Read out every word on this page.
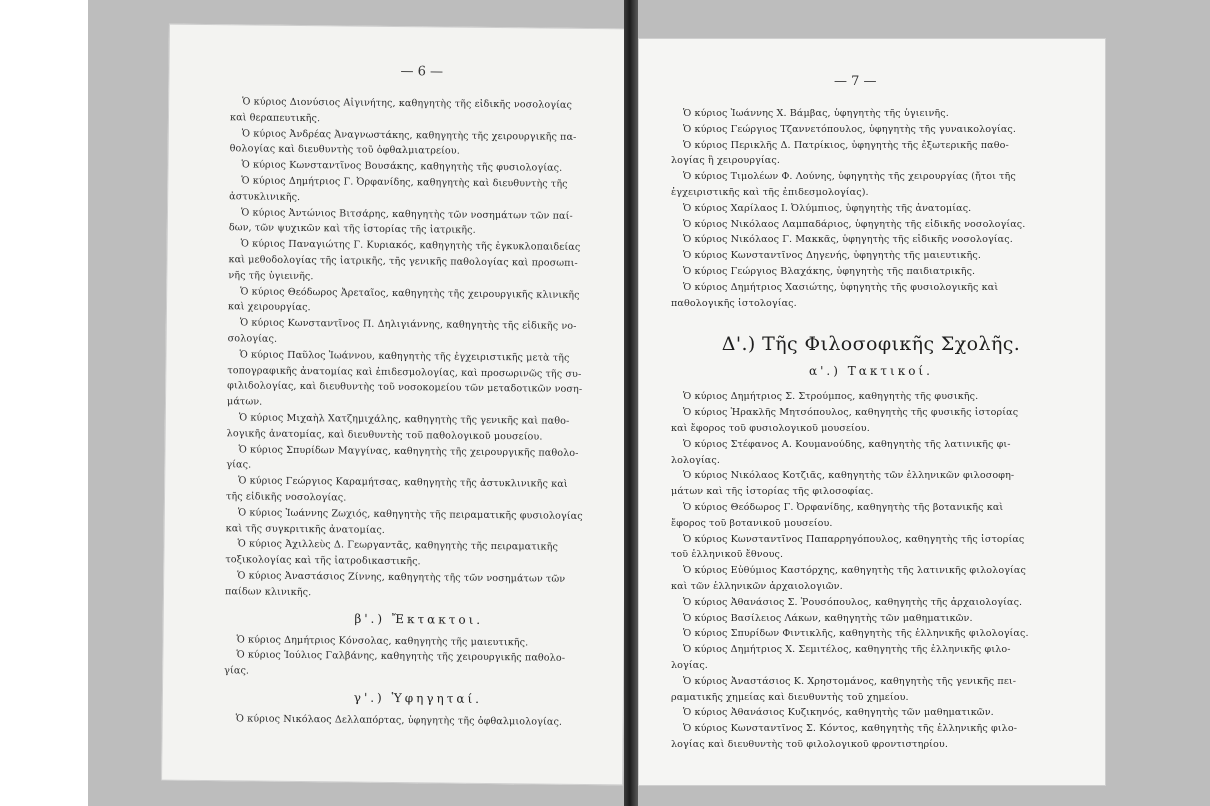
— 6 —
Ὁ κύριος Διονύσιος Αἰγινήτης, καθηγητὴς τῆς εἰδικῆς νοσολογίας
καὶ θεραπευτικῆς.
Ὁ κύριος Ἀνδρέας Ἀναγνωστάκης, καθηγητὴς τῆς χειρουργικῆς πα-
θολογίας καὶ διευθυντὴς τοῦ ὀφθαλμιατρείου.
Ὁ κύριος Κωνσταντῖνος Βουσάκης, καθηγητὴς τῆς φυσιολογίας.
Ὁ κύριος Δημήτριος Γ. Ὀρφανίδης, καθηγητὴς καὶ διευθυντὴς τῆς
ἀστυκλινικῆς.
Ὁ κύριος Ἀντώνιος Βιτσάρης, καθηγητὴς τῶν νοσημάτων τῶν παί-
δων, τῶν ψυχικῶν καὶ τῆς ἱστορίας τῆς ἰατρικῆς.
Ὁ κύριος Παναγιώτης Γ. Κυριακός, καθηγητὴς τῆς ἐγκυκλοπαιδείας
καὶ μεθοδολογίας τῆς ἰατρικῆς, τῆς γενικῆς παθολογίας καὶ προσωπι-
νῆς τῆς ὑγιεινῆς.
Ὁ κύριος Θεόδωρος Ἀρεταῖος, καθηγητὴς τῆς χειρουργικῆς κλινικῆς
καὶ χειρουργίας.
Ὁ κύριος Κωνσταντῖνος Π. Δηλιγιάννης, καθηγητὴς τῆς εἰδικῆς νο-
σολογίας.
Ὁ κύριος Παῦλος Ἰωάννου, καθηγητὴς τῆς ἐγχειριστικῆς μετὰ τῆς
τοπογραφικῆς ἀνατομίας καὶ ἐπιδεσμολογίας, καὶ προσωρινῶς τῆς συ-
φιλιδολογίας, καὶ διευθυντὴς τοῦ νοσοκομείου τῶν μεταδοτικῶν νοση-
μάτων.
Ὁ κύριος Μιχαὴλ Χατζημιχάλης, καθηγητὴς τῆς γενικῆς καὶ παθο-
λογικῆς ἀνατομίας, καὶ διευθυντὴς τοῦ παθολογικοῦ μουσείου.
Ὁ κύριος Σπυρίδων Μαγγίνας, καθηγητὴς τῆς χειρουργικῆς παθολο-
γίας.
Ὁ κύριος Γεώργιος Καραμήτσας, καθηγητὴς τῆς ἀστυκλινικῆς καὶ
τῆς εἰδικῆς νοσολογίας.
Ὁ κύριος Ἰωάννης Ζωχιός, καθηγητὴς τῆς πειραματικῆς φυσιολογίας
καὶ τῆς συγκριτικῆς ἀνατομίας.
Ὁ κύριος Ἀχιλλεὺς Δ. Γεωργαντᾶς, καθηγητὴς τῆς πειραματικῆς
τοξικολογίας καὶ τῆς ἰατροδικαστικῆς.
Ὁ κύριος Ἀναστάσιος Ζίννης, καθηγητὴς τῆς τῶν νοσημάτων τῶν
παίδων κλινικῆς.
β'.) Ἔκτακτοι.
Ὁ κύριος Δημήτριος Κόνσολας, καθηγητὴς τῆς μαιευτικῆς.
Ὁ κύριος Ἰούλιος Γαλβάνης, καθηγητὴς τῆς χειρουργικῆς παθολο-
γίας.
γ'.) Ὑφηγηταί.
Ὁ κύριος Νικόλαος Δελλαπόρτας, ὑφηγητὴς τῆς ὀφθαλμιολογίας.
— 7 —
Ὁ κύριος Ἰωάννης Χ. Βάμβας, ὑφηγητὴς τῆς ὑγιεινῆς.
Ὁ κύριος Γεώργιος Τζαννετόπουλος, ὑφηγητὴς τῆς γυναικολογίας.
Ὁ κύριος Περικλῆς Δ. Πατρίκιος, ὑφηγητὴς τῆς ἐξωτερικῆς παθο-
λογίας ἢ χειρουργίας.
Ὁ κύριος Τιμολέων Φ. Λούνης, ὑφηγητὴς τῆς χειρουργίας (ἤτοι τῆς
ἐγχειριστικῆς καὶ τῆς ἐπιδεσμολογίας).
Ὁ κύριος Χαρίλαος Ι. Ὀλύμπιος, ὑφηγητὴς τῆς ἀνατομίας.
Ὁ κύριος Νικόλαος Λαμπαδάριος, ὑφηγητὴς τῆς εἰδικῆς νοσολογίας.
Ὁ κύριος Νικόλαος Γ. Μακκᾶς, ὑφηγητὴς τῆς εἰδικῆς νοσολογίας.
Ὁ κύριος Κωνσταντῖνος Δηγενής, ὑφηγητὴς τῆς μαιευτικῆς.
Ὁ κύριος Γεώργιος Βλαχάκης, ὑφηγητὴς τῆς παιδιατρικῆς.
Ὁ κύριος Δημήτριος Χασιώτης, ὑφηγητὴς τῆς φυσιολογικῆς καὶ
παθολογικῆς ἱστολογίας.
Δ'.) Τῆς Φιλοσοφικῆς Σχολῆς.
α'.) Τακτικοί.
Ὁ κύριος Δημήτριος Σ. Στρούμπος, καθηγητὴς τῆς φυσικῆς.
Ὁ κύριος Ἡρακλῆς Μητσόπουλος, καθηγητὴς τῆς φυσικῆς ἱστορίας
καὶ ἔφορος τοῦ φυσιολογικοῦ μουσείου.
Ὁ κύριος Στέφανος Α. Κουμανούδης, καθηγητὴς τῆς λατινικῆς φι-
λολογίας.
Ὁ κύριος Νικόλαος Κοτζιᾶς, καθηγητὴς τῶν ἑλληνικῶν φιλοσοφη-
μάτων καὶ τῆς ἱστορίας τῆς φιλοσοφίας.
Ὁ κύριος Θεόδωρος Γ. Ὀρφανίδης, καθηγητὴς τῆς βοτανικῆς καὶ
ἔφορος τοῦ βοτανικοῦ μουσείου.
Ὁ κύριος Κωνσταντῖνος Παπαρρηγόπουλος, καθηγητὴς τῆς ἱστορίας
τοῦ ἑλληνικοῦ ἔθνους.
Ὁ κύριος Εὐθύμιος Καστόρχης, καθηγητὴς τῆς λατινικῆς φιλολογίας
καὶ τῶν ἑλληνικῶν ἀρχαιολογιῶν.
Ὁ κύριος Ἀθανάσιος Σ. Ῥουσόπουλος, καθηγητὴς τῆς ἀρχαιολογίας.
Ὁ κύριος Βασίλειος Λάκων, καθηγητὴς τῶν μαθηματικῶν.
Ὁ κύριος Σπυρίδων Φιντικλῆς, καθηγητὴς τῆς ἑλληνικῆς φιλολογίας.
Ὁ κύριος Δημήτριος Χ. Σεμιτέλος, καθηγητὴς τῆς ἑλληνικῆς φιλο-
λογίας.
Ὁ κύριος Ἀναστάσιος Κ. Χρηστομάνος, καθηγητὴς τῆς γενικῆς πει-
ραματικῆς χημείας καὶ διευθυντὴς τοῦ χημείου.
Ὁ κύριος Ἀθανάσιος Κυζικηνός, καθηγητὴς τῶν μαθηματικῶν.
Ὁ κύριος Κωνσταντῖνος Σ. Κόντος, καθηγητὴς τῆς ἑλληνικῆς φιλο-
λογίας καὶ διευθυντὴς τοῦ φιλολογικοῦ φροντιστηρίου.
